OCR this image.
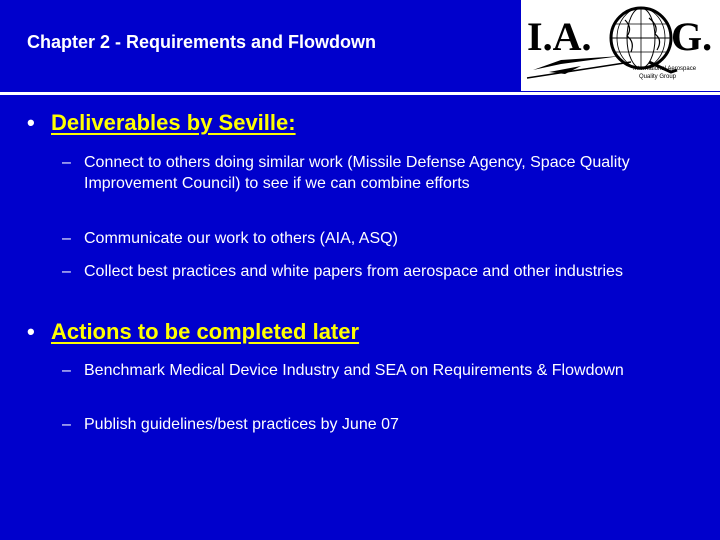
Chapter 2 - Requirements and Flowdown	I.A. G.
International Aerospace
Quality Group
• Deliverables by Seville:
– Connect to others doing similar work (Missile Defense Agency, Space Quality Improvement Council) to see if we can combine efforts
– Communicate our work to others (AIA, ASQ)
– Collect best practices and white papers from aerospace and other industries
• Actions to be completed later
– Benchmark Medical Device Industry and SEA on Requirements & Flowdown
– Publish guidelines/best practices by June 07
